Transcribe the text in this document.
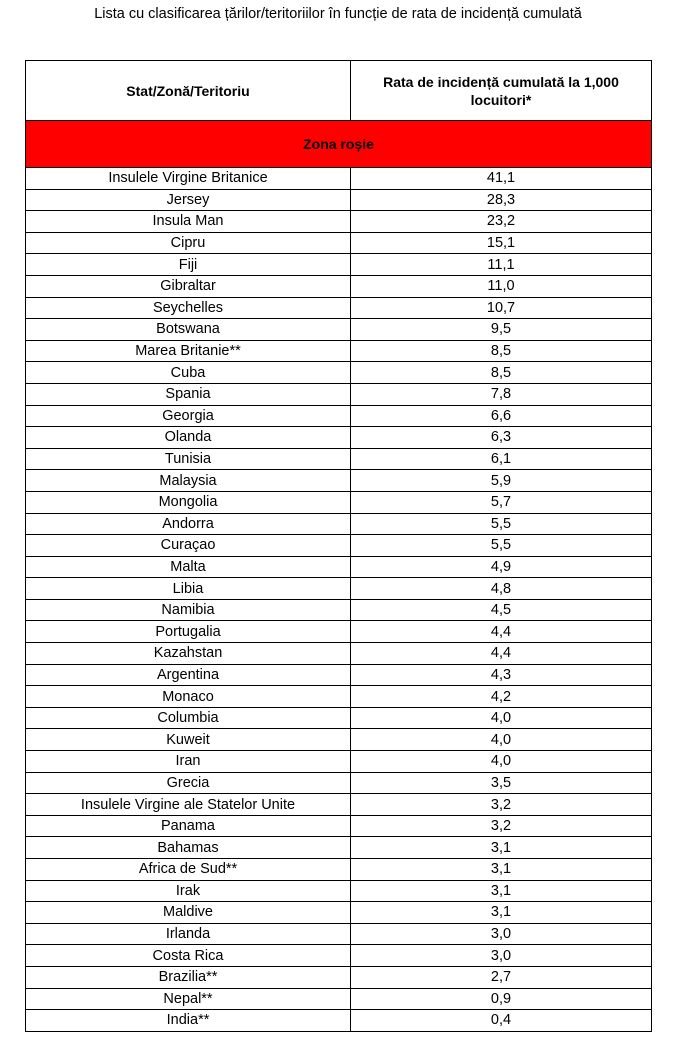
Lista cu clasificarea țărilor/teritoriilor în funcție de rata de incidență cumulată
Stat/Zonă/Teritoriu	Rata de incidență cumulată la 1,000 locuitori*
Zona roșie	
Insulele Virgine Britanice	41,1
Jersey	28,3
Insula Man	23,2
Cipru	15,1
Fiji	11,1
Gibraltar	11,0
Seychelles	10,7
Botswana	9,5
Marea Britanie**	8,5
Cuba	8,5
Spania	7,8
Georgia	6,6
Olanda	6,3
Tunisia	6,1
Malaysia	5,9
Mongolia	5,7
Andorra	5,5
Curaçao	5,5
Malta	4,9
Libia	4,8
Namibia	4,5
Portugalia	4,4
Kazahstan	4,4
Argentina	4,3
Monaco	4,2
Columbia	4,0
Kuweit	4,0
Iran	4,0
Grecia	3,5
Insulele Virgine ale Statelor Unite	3,2
Panama	3,2
Bahamas	3,1
Africa de Sud**	3,1
Irak	3,1
Maldive	3,1
Irlanda	3,0
Costa Rica	3,0
Brazilia**	2,7
Nepal**	0,9
India**	0,4
